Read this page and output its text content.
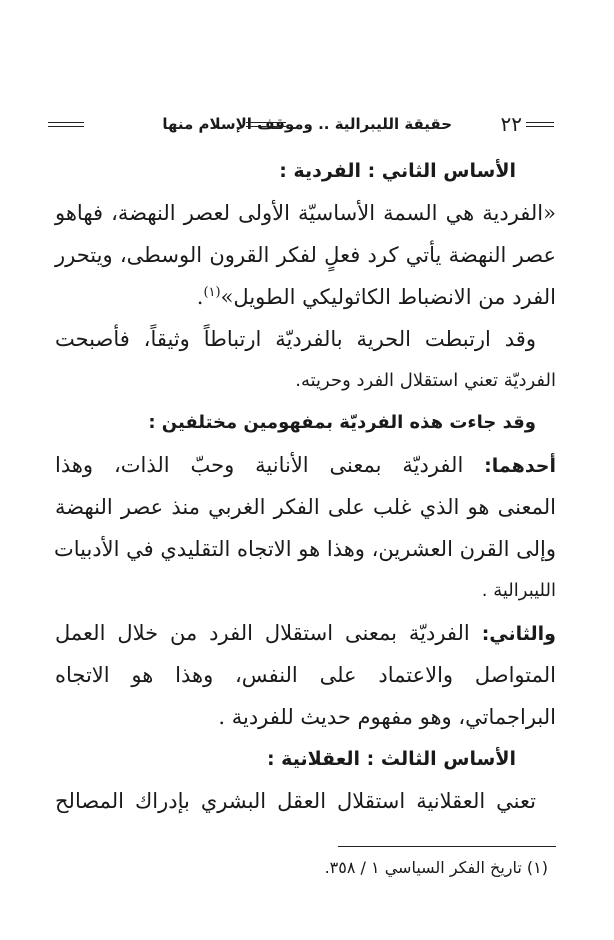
٢٢
حقيقة الليبرالية .. وموقف الإسلام منها
الأساس الثاني : الفردية :
«الفردية هي السمة الأساسيّة الأولى لعصر النهضة، فهاهو
عصر النهضة يأتي كرد فعلٍ لفكر القرون الوسطى، ويتحرر
الفرد من الانضباط الكاثوليكي الطويل»$^{(١)}$.
وقد ارتبطت الحرية بالفرديّة ارتباطاً وثيقاً، فأصبحت
الفرديّة تعني استقلال الفرد وحريته.
وقد جاءت هذه الفرديّة بمفهومين مختلفين :
أحدهما: الفرديّة بمعنى الأنانية وحبّ الذات، وهذا
المعنى هو الذي غلب على الفكر الغربي منذ عصر النهضة
وإلى القرن العشرين، وهذا هو الاتجاه التقليدي في الأدبيات
الليبرالية .
والثاني: الفرديّة بمعنى استقلال الفرد من خلال العمل
المتواصل والاعتماد على النفس، وهذا هو الاتجاه
البراجماتي، وهو مفهوم حديث للفردية .
الأساس الثالث : العقلانية :
تعني العقلانية استقلال العقل البشري بإدراك المصالح
(١) تاريخ الفكر السياسي ١ / ٣٥٨.
